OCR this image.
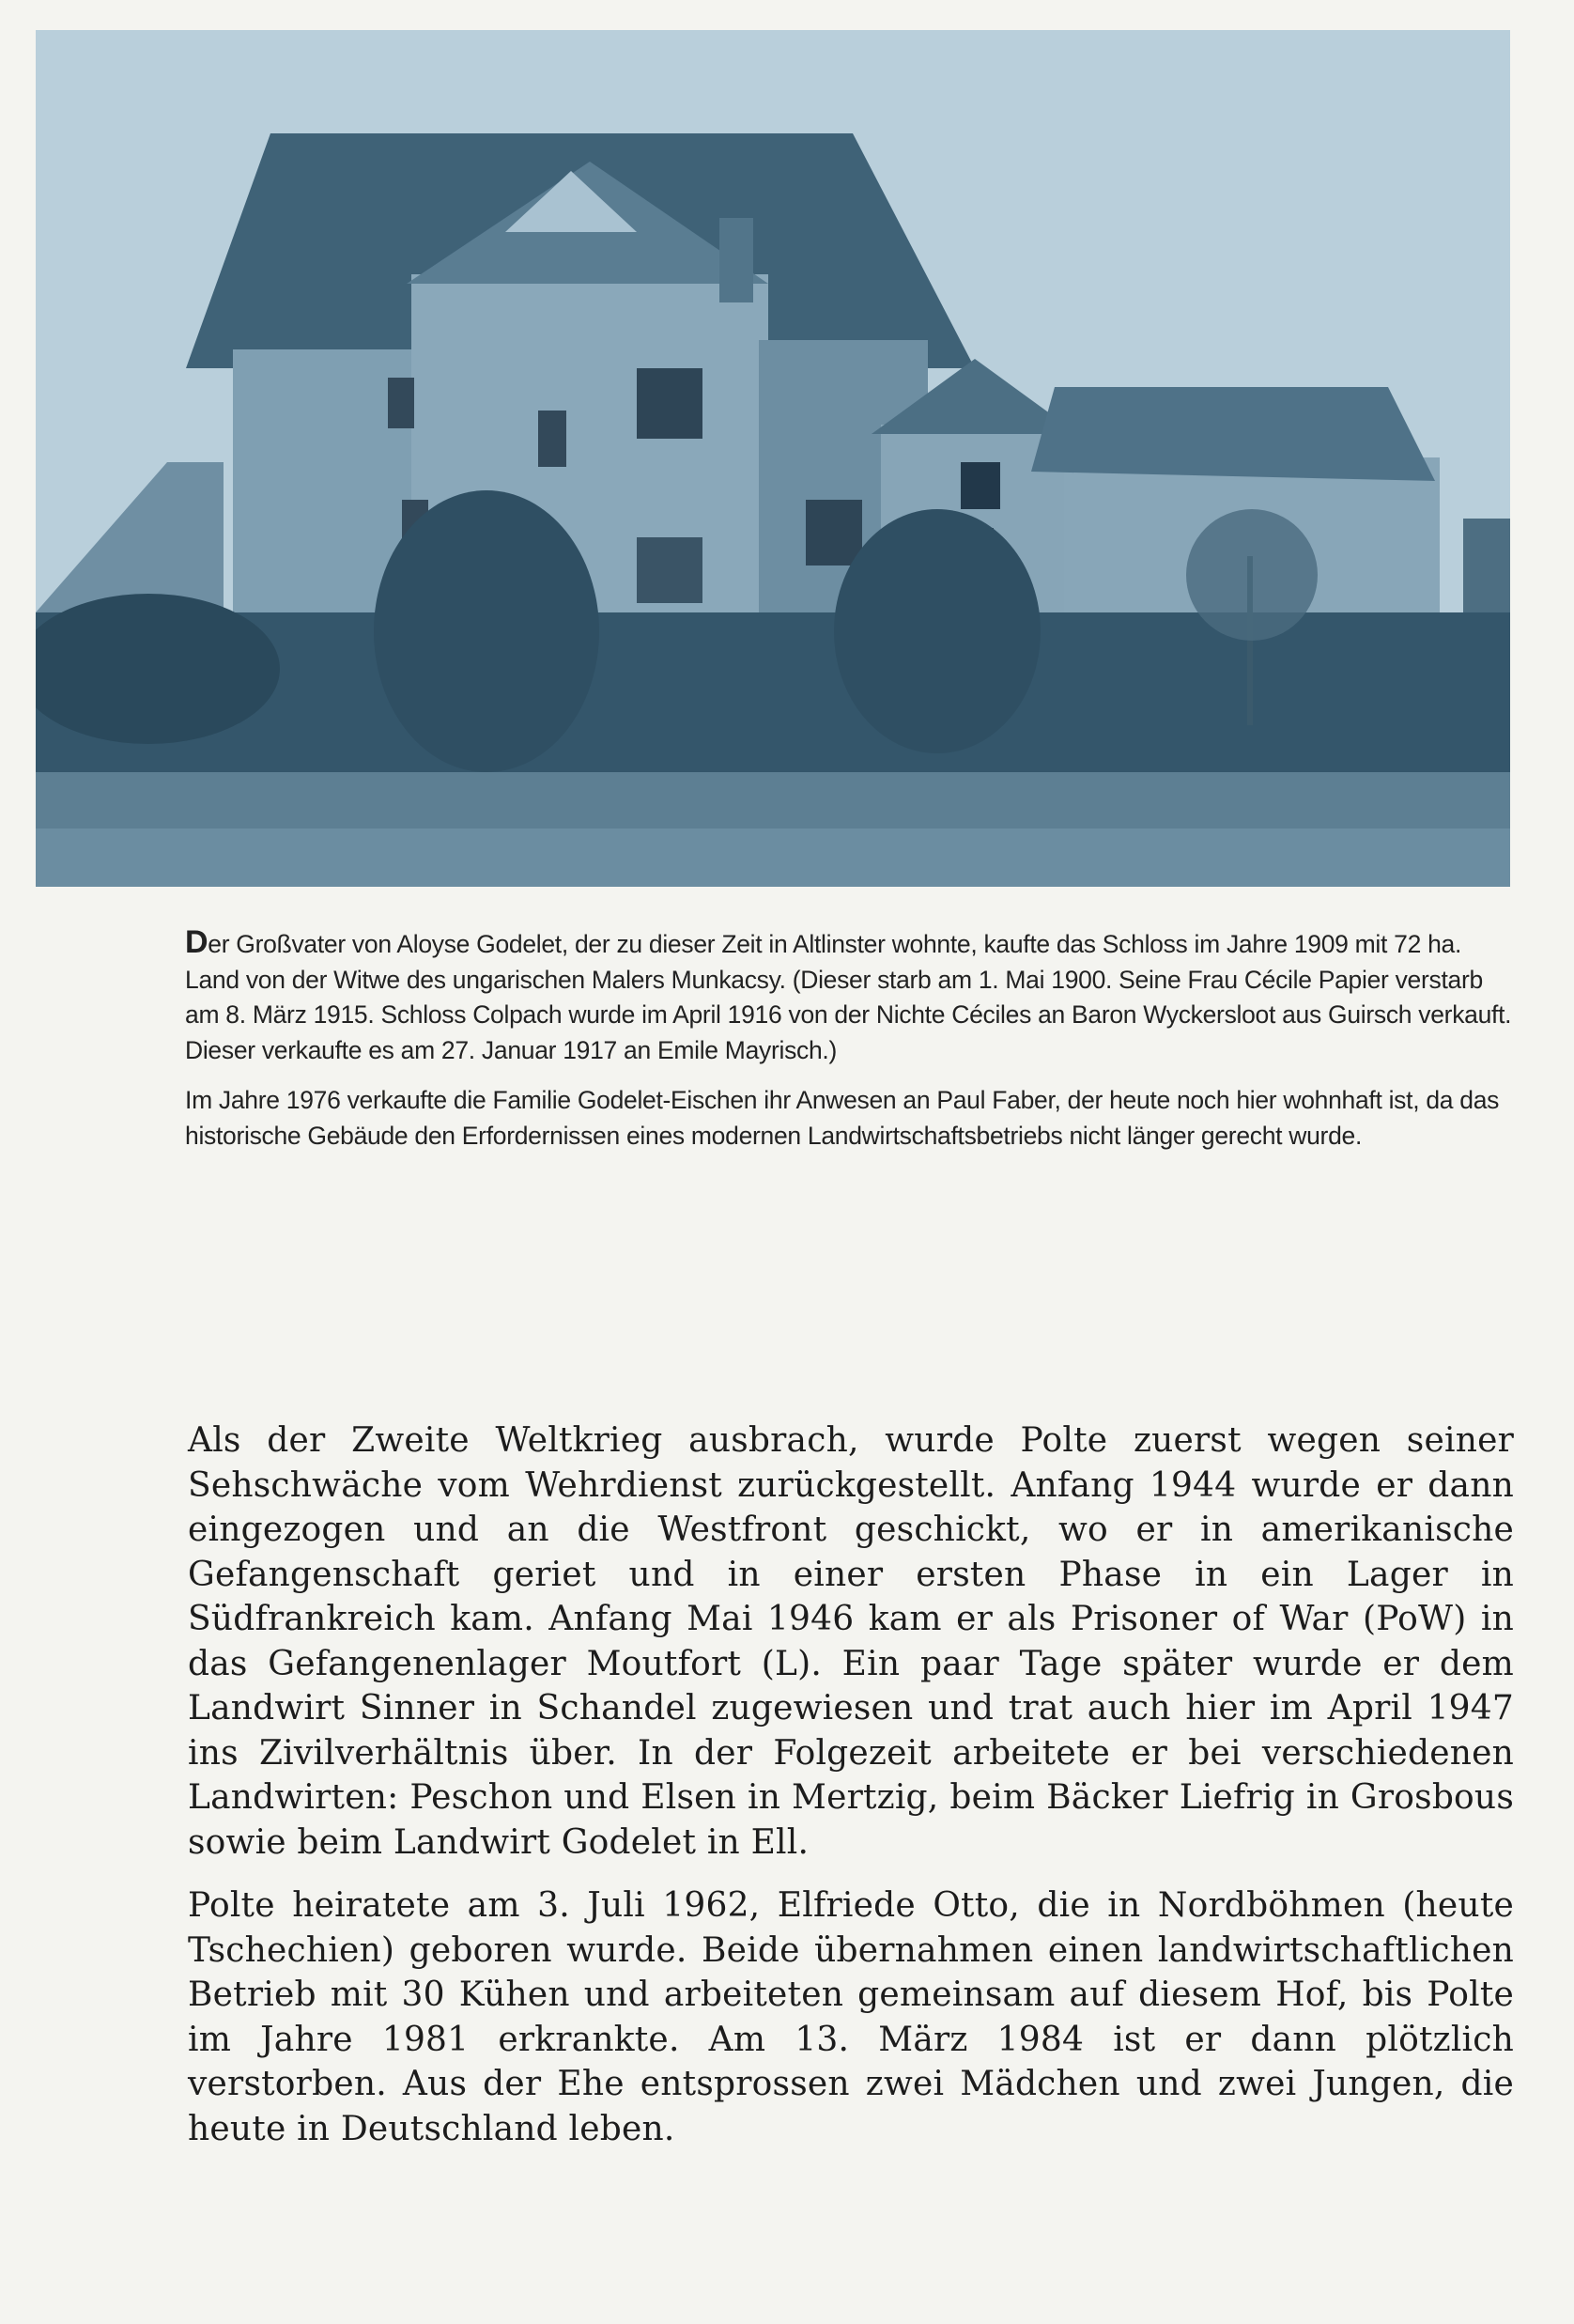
Der Großvater von Aloyse Godelet, der zu dieser Zeit in Altlinster wohnte, kaufte das Schloss im Jahre 1909 mit 72 ha. Land von der Witwe des ungarischen Malers Munkacsy. (Dieser starb am 1. Mai 1900. Seine Frau Cécile Papier verstarb am 8. März 1915. Schloss Colpach wurde im April 1916 von der Nichte Céciles an Baron Wyckersloot aus Guirsch verkauft. Dieser verkaufte es am 27. Januar 1917 an Emile Mayrisch.)

Im Jahre 1976 verkaufte die Familie Godelet-Eischen ihr Anwesen an Paul Faber, der heute noch hier wohnhaft ist, da das historische Gebäude den Erfordernissen eines modernen Landwirtschaftsbetriebs nicht länger gerecht wurde.

Als der Zweite Weltkrieg ausbrach, wurde Polte zuerst wegen seiner Sehschwäche vom Wehrdienst zurückgestellt. Anfang 1944 wurde er dann eingezogen und an die Westfront geschickt, wo er in amerikanische Gefangenschaft geriet und in einer ersten Phase in ein Lager in Südfrankreich kam. Anfang Mai 1946 kam er als Prisoner of War (PoW) in das Gefangenenlager Moutfort (L). Ein paar Tage später wurde er dem Landwirt Sinner in Schandel zugewiesen und trat auch hier im April 1947 ins Zivilverhältnis über. In der Folgezeit arbeitete er bei verschiedenen Landwirten: Peschon und Elsen in Mertzig, beim Bäcker Liefrig in Grosbous sowie beim Landwirt Godelet in Ell.

Polte heiratete am 3. Juli 1962, Elfriede Otto, die in Nordböhmen (heute Tschechien) geboren wurde. Beide übernahmen einen landwirtschaftlichen Betrieb mit 30 Kühen und arbeiteten gemeinsam auf diesem Hof, bis Polte im Jahre 1981 erkrankte. Am 13. März 1984 ist er dann plötzlich verstorben. Aus der Ehe entsprossen zwei Mädchen und zwei Jungen, die heute in Deutschland leben.
